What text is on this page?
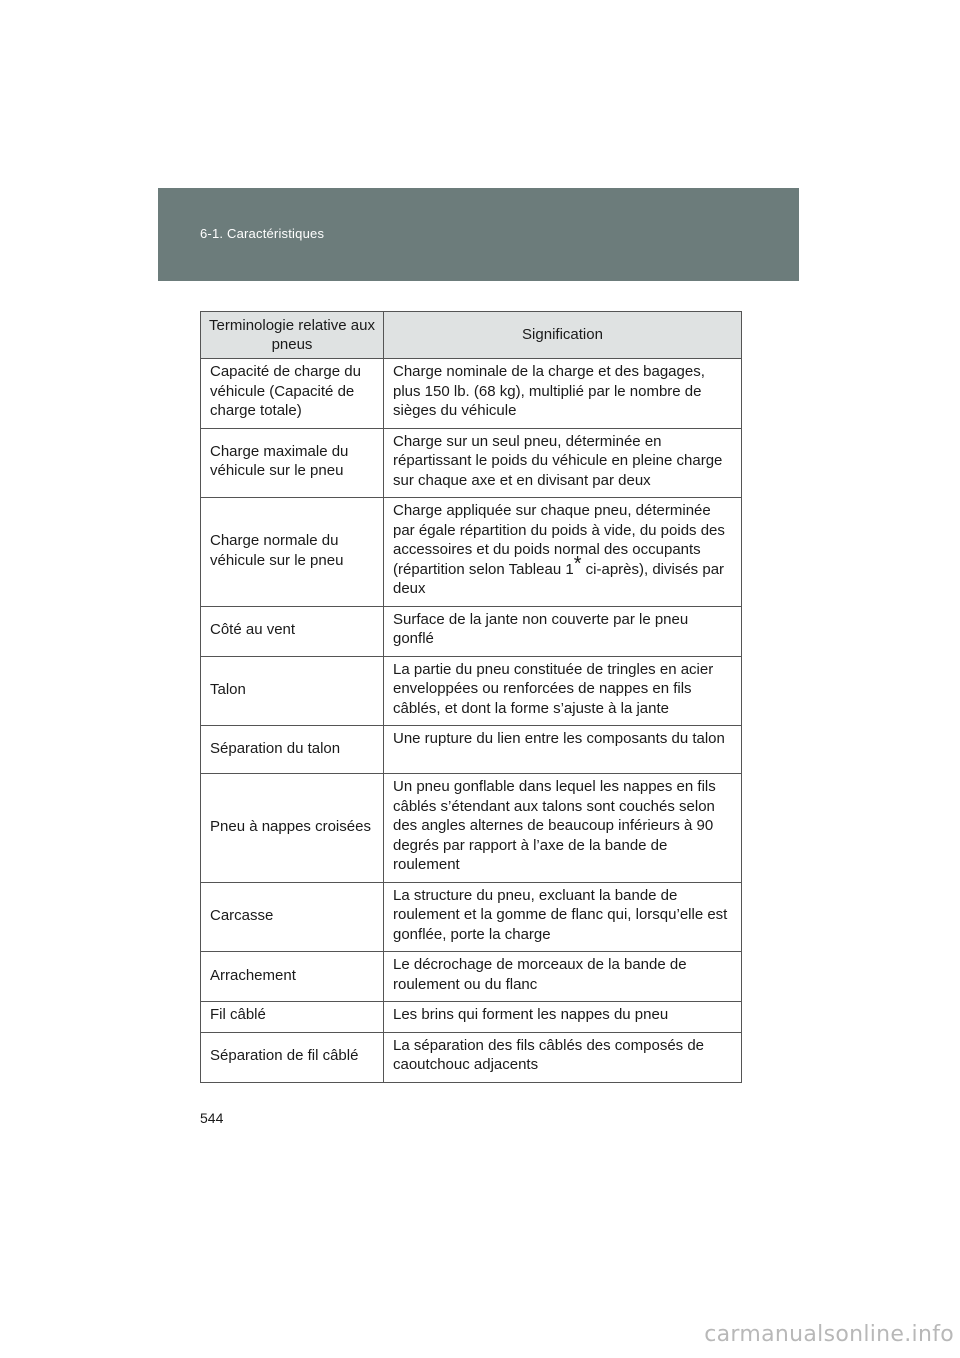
6-1. Caractéristiques
Terminologie relative aux pneus	Signification
Capacité de charge du véhicule (Capacité de charge totale)	Charge nominale de la charge et des bagages, plus 150 lb. (68 kg), multiplié par le nombre de sièges du véhicule
Charge maximale du véhicule sur le pneu	Charge sur un seul pneu, déterminée en répartissant le poids du véhicule en pleine charge sur chaque axe et en divisant par deux
Charge normale du véhicule sur le pneu	Charge appliquée sur chaque pneu, déterminée par égale répartition du poids à vide, du poids des accessoires et du poids normal des occupants (répartition selon Tableau 1* ci-après), divisés par deux
Côté au vent	Surface de la jante non couverte par le pneu gonflé
Talon	La partie du pneu constituée de tringles en acier enveloppées ou renforcées de nappes en fils câblés, et dont la forme s’ajuste à la jante
Séparation du talon	Une rupture du lien entre les composants du talon
Pneu à nappes croisées	Un pneu gonflable dans lequel les nappes en fils câblés s’étendant aux talons sont couchés selon des angles alternes de beaucoup inférieurs à 90 degrés par rapport à l’axe de la bande de roulement
Carcasse	La structure du pneu, excluant la bande de roulement et la gomme de flanc qui, lorsqu’elle est gonflée, porte la charge
Arrachement	Le décrochage de morceaux de la bande de roulement ou du flanc
Fil câblé	Les brins qui forment les nappes du pneu
Séparation de fil câblé	La séparation des fils câblés des composés de caoutchouc adjacents
544
carmanualsonline.info
